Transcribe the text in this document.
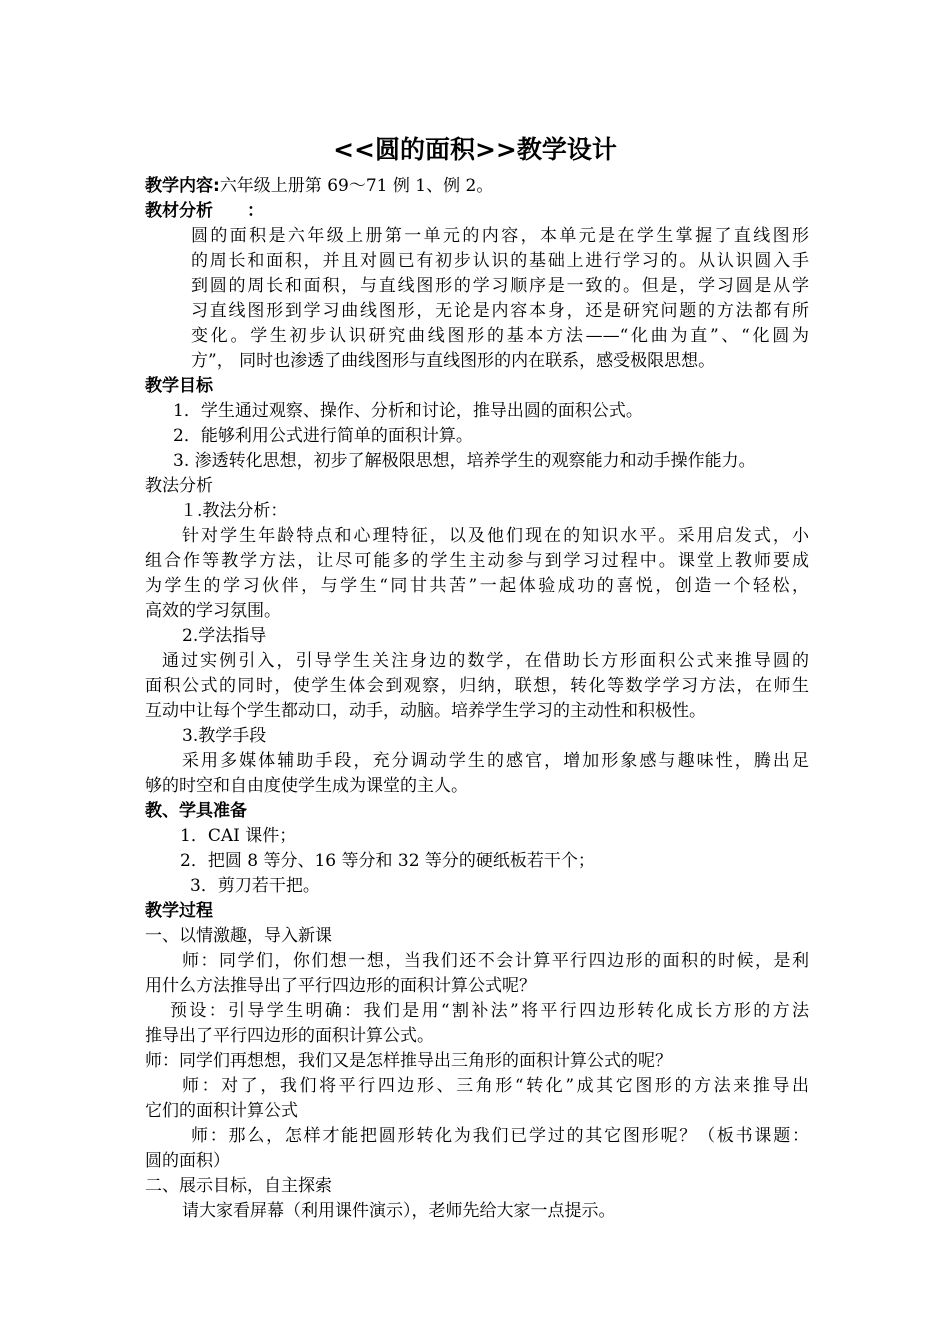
<<圆的面积>>教学设计
教学内容:六年级上册第 69～71 例 1、例 2。
教材分析　　：
圆的面积是六年级上册第一单元的内容，本单元是在学生掌握了直线图形
的周长和面积，并且对圆已有初步认识的基础上进行学习的。从认识圆入手
到圆的周长和面积，与直线图形的学习顺序是一致的。但是，学习圆是从学
习直线图形到学习曲线图形，无论是内容本身，还是研究问题的方法都有所
变化。学生初步认识研究曲线图形的基本方法——“化曲为直”、“化圆为
方”， 同时也渗透了曲线图形与直线图形的内在联系，感受极限思想。
教学目标
1．学生通过观察、操作、分析和讨论，推导出圆的面积公式。
2．能够利用公式进行简单的面积计算。
3. 渗透转化思想，初步了解极限思想，培养学生的观察能力和动手操作能力。
教法分析
１.教法分析：
针对学生年龄特点和心理特征，以及他们现在的知识水平。采用启发式，小
组合作等教学方法，让尽可能多的学生主动参与到学习过程中。课堂上教师要成
为学生的学习伙伴，与学生“同甘共苦”一起体验成功的喜悦，创造一个轻松，
高效的学习氛围。
2.学法指导
通过实例引入，引导学生关注身边的数学，在借助长方形面积公式来推导圆的
面积公式的同时，使学生体会到观察，归纳，联想，转化等数学学习方法，在师生
互动中让每个学生都动口，动手，动脑。培养学生学习的主动性和积极性。
3.教学手段
采用多媒体辅助手段，充分调动学生的感官，增加形象感与趣味性，腾出足
够的时空和自由度使学生成为课堂的主人。
教、学具准备
1．CAI 课件；
2．把圆 8 等分、16 等分和 32 等分的硬纸板若干个；
3．剪刀若干把。
教学过程
一、以情激趣，导入新课
师：同学们，你们想一想，当我们还不会计算平行四边形的面积的时候，是利
用什么方法推导出了平行四边形的面积计算公式呢？
预设：引导学生明确：我们是用“割补法”将平行四边形转化成长方形的方法
推导出了平行四边形的面积计算公式。
师：同学们再想想，我们又是怎样推导出三角形的面积计算公式的呢？
师：对了，我们将平行四边形、三角形“转化”成其它图形的方法来推导出
它们的面积计算公式
师：那么，怎样才能把圆形转化为我们已学过的其它图形呢？（板书课题：
圆的面积）
二、展示目标，自主探索
请大家看屏幕（利用课件演示），老师先给大家一点提示。
